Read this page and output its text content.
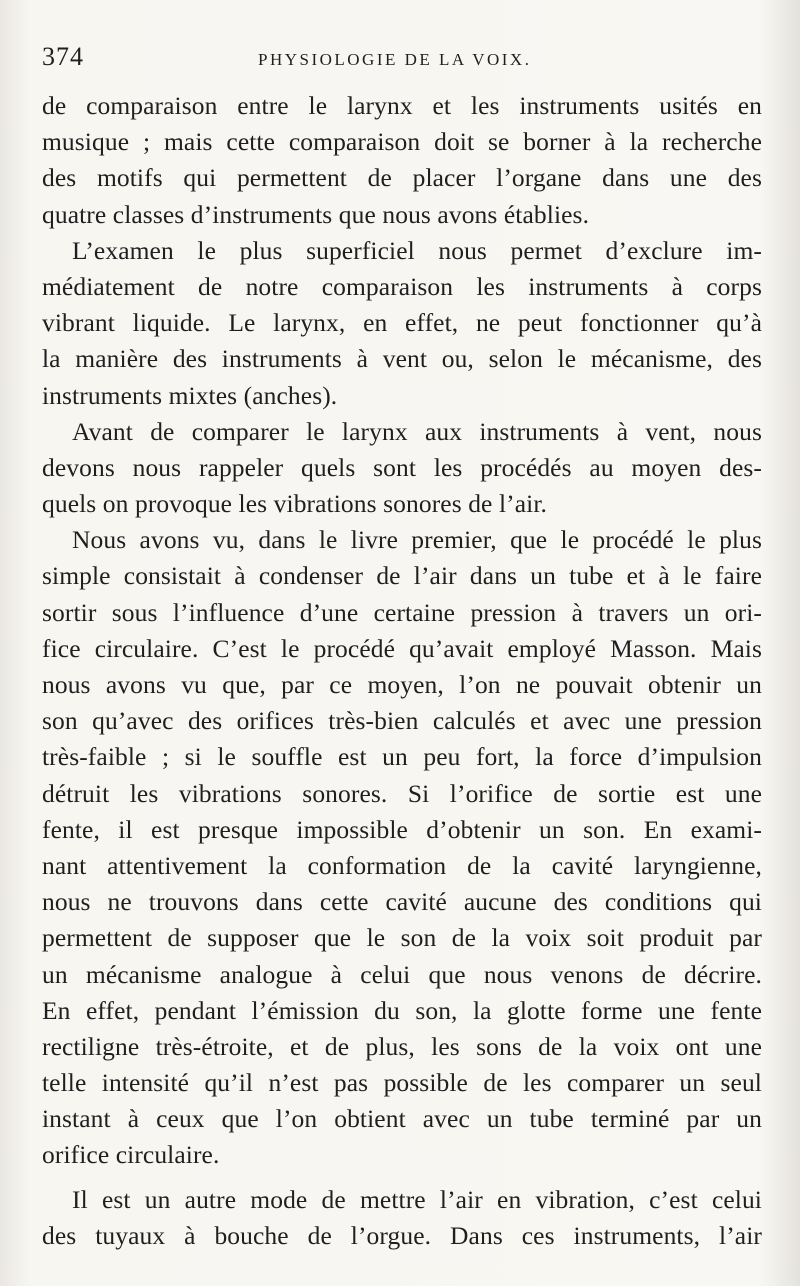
374	PHYSIOLOGIE DE LA VOIX.
de comparaison entre le larynx et les instruments usités en
musique ; mais cette comparaison doit se borner à la recherche
des motifs qui permettent de placer l’organe dans une des
quatre classes d’instruments que nous avons établies.
L’examen le plus superficiel nous permet d’exclure im-
médiatement de notre comparaison les instruments à corps
vibrant liquide. Le larynx, en effet, ne peut fonctionner qu’à
la manière des instruments à vent ou, selon le mécanisme, des
instruments mixtes (anches).
Avant de comparer le larynx aux instruments à vent, nous
devons nous rappeler quels sont les procédés au moyen des-
quels on provoque les vibrations sonores de l’air.
Nous avons vu, dans le livre premier, que le procédé le plus
simple consistait à condenser de l’air dans un tube et à le faire
sortir sous l’influence d’une certaine pression à travers un ori-
fice circulaire. C’est le procédé qu’avait employé Masson. Mais
nous avons vu que, par ce moyen, l’on ne pouvait obtenir un
son qu’avec des orifices très-bien calculés et avec une pression
très-faible ; si le souffle est un peu fort, la force d’impulsion
détruit les vibrations sonores. Si l’orifice de sortie est une
fente, il est presque impossible d’obtenir un son. En exami-
nant attentivement la conformation de la cavité laryngienne,
nous ne trouvons dans cette cavité aucune des conditions qui
permettent de supposer que le son de la voix soit produit par
un mécanisme analogue à celui que nous venons de décrire.
En effet, pendant l’émission du son, la glotte forme une fente
rectiligne très-étroite, et de plus, les sons de la voix ont une
telle intensité qu’il n’est pas possible de les comparer un seul
instant à ceux que l’on obtient avec un tube terminé par un
orifice circulaire.
Il est un autre mode de mettre l’air en vibration, c’est celui
des tuyaux à bouche de l’orgue. Dans ces instruments, l’air
